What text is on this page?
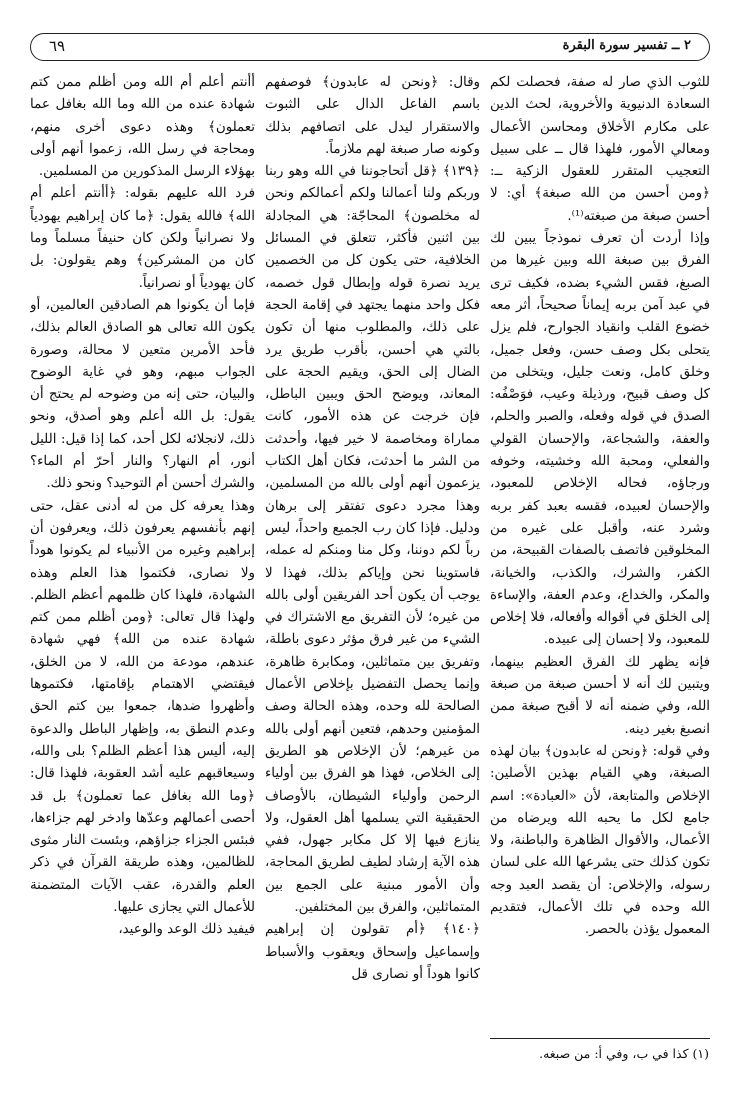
٦٩	٢ ــ تفسير سورة البقرة
للثوب الذي صار له صفة، فحصلت لكم السعادة الدنيوية والأخروية، لحث الدين على مكارم الأخلاق ومحاسن الأعمال ومعالي الأمور، فلهذا قال ــ على سبيل التعجيب المتقرر للعقول الزكية ــ: ﴿ومن أحسن من الله صبغة﴾ أي: لا أحسن صبغة من صبغته⁽¹⁾.
وإذا أردت أن تعرف نموذجاً يبين لك الفرق بين صبغة الله وبين غيرها من الصبغ، فقس الشيء بضده، فكيف ترى في عبد آمن بربه إيماناً صحيحاً، أثر معه خضوع القلب وانقياد الجوارح، فلم يزل يتحلى بكل وصف حسن، وفعل جميل، وخلق كامل، ونعت جليل، ويتخلى من كل وصف قبيح، ورذيلة وعيب، فوَصْفُه: الصدق في قوله وفعله، والصبر والحلم، والعفة، والشجاعة، والإحسان القولي والفعلي، ومحبة الله وخشيته، وخوفه ورجاؤه، فحاله الإخلاص للمعبود، والإحسان لعبيده، فقسه بعبد كفر بربه وشرد عنه، وأقبل على غيره من المخلوقين فاتصف بالصفات القبيحة، من الكفر، والشرك، والكذب، والخيانة، والمكر، والخداع، وعدم العفة، والإساءة إلى الخلق في أقواله وأفعاله، فلا إخلاص للمعبود، ولا إحسان إلى عبيده.
فإنه يظهر لك الفرق العظيم بينهما، ويتبين لك أنه لا أحسن صبغة من صبغة الله، وفي ضمنه أنه لا أقبح صبغة ممن انصبغ بغير دينه.
وفي قوله: ﴿ونحن له عابدون﴾ بيان لهذه الصبغة، وهي القيام بهذين الأصلين: الإخلاص والمتابعة، لأن «العبادة»: اسم جامع لكل ما يحبه الله ويرضاه من الأعمال، والأقوال الظاهرة والباطنة، ولا تكون كذلك حتى يشرعها الله على لسان رسوله، والإخلاص: أن يقصد العبد وجه الله وحده في تلك الأعمال، فتقديم المعمول يؤذن بالحصر.
وقال: ﴿ونحن له عابدون﴾ فوصفهم باسم الفاعل الدال على الثبوت والاستقرار ليدل على اتصافهم بذلك وكونه صار صبغة لهم ملازماً.
﴿١٣٩﴾ ﴿قل أتحاجوننا في الله وهو ربنا وربكم ولنا أعمالنا ولكم أعمالكم ونحن له مخلصون﴾ المحاجّة: هي المجادلة بين اثنين فأكثر، تتعلق في المسائل الخلافية، حتى يكون كل من الخصمين يريد نصرة قوله وإبطال قول خصمه، فكل واحد منهما يجتهد في إقامة الحجة على ذلك، والمطلوب منها أن تكون بالتي هي أحسن، بأقرب طريق يرد الضال إلى الحق، ويقيم الحجة على المعاند، ويوضح الحق ويبين الباطل، فإن خرجت عن هذه الأمور، كانت مماراة ومخاصمة لا خير فيها، وأحدثت من الشر ما أحدثت، فكان أهل الكتاب يزعمون أنهم أولى بالله من المسلمين، وهذا مجرد دعوى تفتقر إلى برهان ودليل. فإذا كان رب الجميع واحداً، ليس رباً لكم دوننا، وكل منا ومنكم له عمله، فاستوينا نحن وإياكم بذلك، فهذا لا يوجب أن يكون أحد الفريقين أولى بالله من غيره؛ لأن التفريق مع الاشتراك في الشيء من غير فرق مؤثر دعوى باطلة، وتفريق بين متماثلين، ومكابرة ظاهرة، وإنما يحصل التفضيل بإخلاص الأعمال الصالحة لله وحده، وهذه الحالة وصف المؤمنين وحدهم، فتعين أنهم أولى بالله من غيرهم؛ لأن الإخلاص هو الطريق إلى الخلاص، فهذا هو الفرق بين أولياء الرحمن وأولياء الشيطان، بالأوصاف الحقيقية التي يسلمها أهل العقول، ولا ينازع فيها إلا كل مكابر جهول، ففي هذه الآية إرشاد لطيف لطريق المحاجة، وأن الأمور مبنية على الجمع بين المتماثلين، والفرق بين المختلفين.
﴿١٤٠﴾ ﴿أم تقولون إن إبراهيم وإسماعيل وإسحاق ويعقوب والأسباط كانوا هوداً أو نصارى قل
أأنتم أعلم أم الله ومن أظلم ممن كتم شهادة عنده من الله وما الله بغافل عما تعملون﴾ وهذه دعوى أخرى منهم، ومحاجة في رسل الله، زعموا أنهم أولى بهؤلاء الرسل المذكورين من المسلمين.
فرد الله عليهم بقوله: ﴿أأنتم أعلم أم الله﴾ فالله يقول: ﴿ما كان إبراهيم يهودياً ولا نصرانياً ولكن كان حنيفاً مسلماً وما كان من المشركين﴾ وهم يقولون: بل كان يهودياً أو نصرانياً.
فإما أن يكونوا هم الصادقين العالمين، أو يكون الله تعالى هو الصادق العالم بذلك، فأحد الأمرين متعين لا محالة، وصورة الجواب مبهم، وهو في غاية الوضوح والبيان، حتى إنه من وضوحه لم يحتج أن يقول: بل الله أعلم وهو أصدق، ونحو ذلك، لانجلائه لكل أحد، كما إذا قيل: الليل أنور، أم النهار؟ والنار أحرّ أم الماء؟ والشرك أحسن أم التوحيد؟ ونحو ذلك.
وهذا يعرفه كل من له أدنى عقل، حتى إنهم بأنفسهم يعرفون ذلك، ويعرفون أن إبراهيم وغيره من الأنبياء لم يكونوا هوداً ولا نصارى، فكتموا هذا العلم وهذه الشهادة، فلهذا كان ظلمهم أعظم الظلم. ولهذا قال تعالى: ﴿ومن أظلم ممن كتم شهادة عنده من الله﴾ فهي شهادة عندهم، مودعة من الله، لا من الخلق، فيقتضي الاهتمام بإقامتها، فكتموها وأظهروا ضدها، جمعوا بين كتم الحق وعدم النطق به، وإظهار الباطل والدعوة إليه، أليس هذا أعظم الظلم؟ بلى والله، وسيعاقبهم عليه أشد العقوبة، فلهذا قال: ﴿وما الله بغافل عما تعملون﴾ بل قد أحصى أعمالهم وعدّها وادخر لهم جزاءها، فبئس الجزاء جزاؤهم، وبئست النار مثوى للظالمين، وهذه طريقة القرآن في ذكر العلم والقدرة، عقب الآيات المتضمنة للأعمال التي يجازى عليها.
فيفيد ذلك الوعد والوعيد،
(١) كذا في ب، وفي أ: من صبغه.
